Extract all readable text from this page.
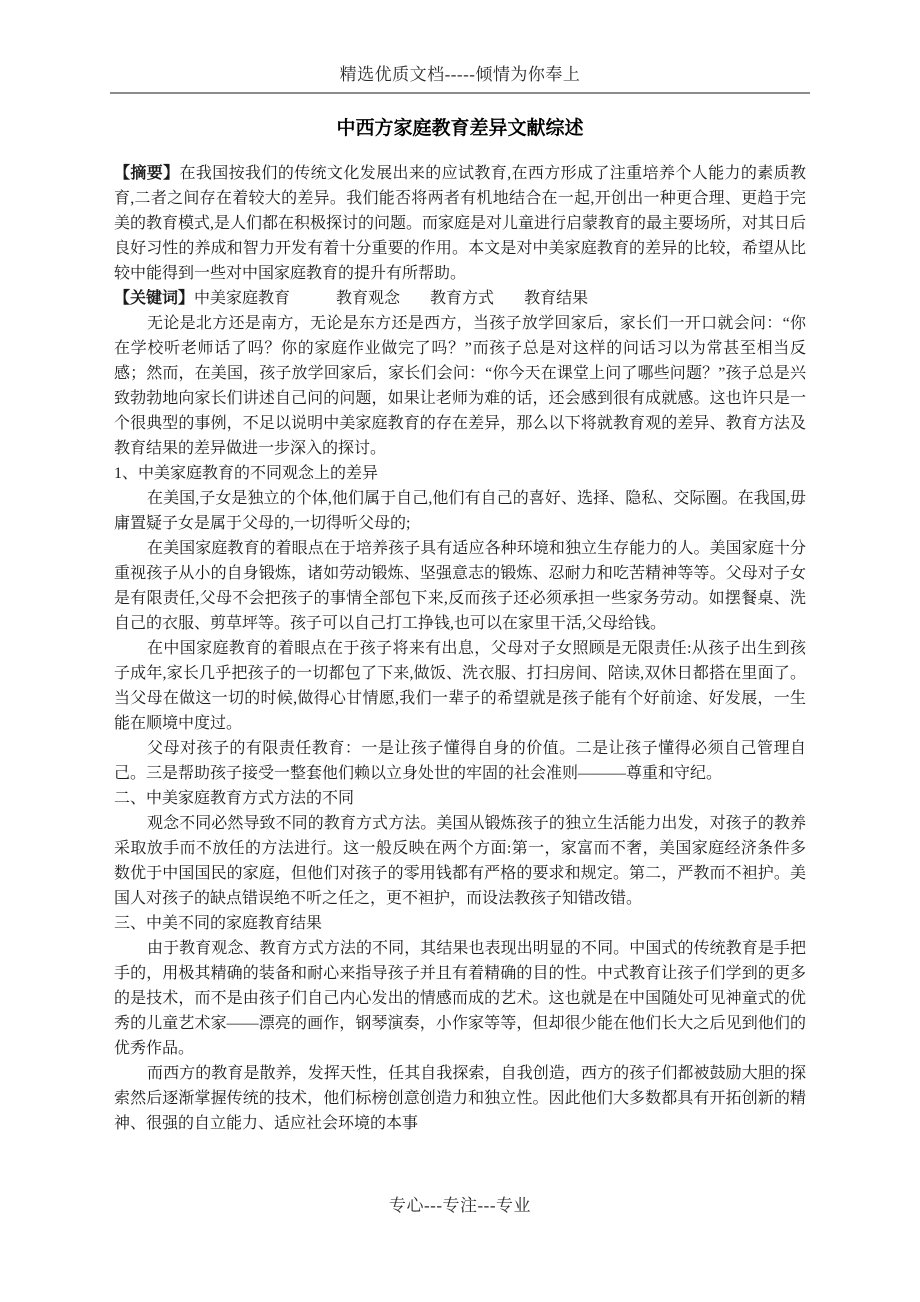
精选优质文档-----倾情为你奉上
中西方家庭教育差异文献综述

【摘要】在我国按我们的传统文化发展出来的应试教育,在西方形成了注重培养个人能力的素质教育,二者之间存在着较大的差异。我们能否将两者有机地结合在一起,开创出一种更合理、更趋于完美的教育模式,是人们都在积极探讨的问题。而家庭是对儿童进行启蒙教育的最主要场所，对其日后良好习性的养成和智力开发有着十分重要的作用。本文是对中美家庭教育的差异的比较，希望从比较中能得到一些对中国家庭教育的提升有所帮助。

【关键词】中美家庭教育	教育观念 教育方式 教育结果

无论是北方还是南方，无论是东方还是西方，当孩子放学回家后，家长们一开口就会问：“你在学校听老师话了吗？你的家庭作业做完了吗？”而孩子总是对这样的问话习以为常甚至相当反感；然而，在美国，孩子放学回家后，家长们会问：“你今天在课堂上问了哪些问题？”孩子总是兴致勃勃地向家长们讲述自己问的问题，如果让老师为难的话，还会感到很有成就感。这也许只是一个很典型的事例，不足以说明中美家庭教育的存在差异，那么以下将就教育观的差异、教育方法及教育结果的差异做进一步深入的探讨。

1、中美家庭教育的不同观念上的差异

在美国,子女是独立的个体,他们属于自己,他们有自己的喜好、选择、隐私、交际圈。在我国,毋庸置疑子女是属于父母的,一切得听父母的;

在美国家庭教育的着眼点在于培养孩子具有适应各种环境和独立生存能力的人。美国家庭十分重视孩子从小的自身锻炼，诸如劳动锻炼、坚强意志的锻炼、忍耐力和吃苦精神等等。父母对子女是有限责任,父母不会把孩子的事情全部包下来,反而孩子还必须承担一些家务劳动。如摆餐桌、洗自己的衣服、剪草坪等。孩子可以自己打工挣钱,也可以在家里干活,父母给钱。

在中国家庭教育的着眼点在于孩子将来有出息，父母对子女照顾是无限责任:从孩子出生到孩子成年,家长几乎把孩子的一切都包了下来,做饭、洗衣服、打扫房间、陪读,双休日都搭在里面了。当父母在做这一切的时候,做得心甘情愿,我们一辈子的希望就是孩子能有个好前途、好发展，一生能在顺境中度过。

父母对孩子的有限责任教育：一是让孩子懂得自身的价值。二是让孩子懂得必须自己管理自己。三是帮助孩子接受一整套他们赖以立身处世的牢固的社会准则———尊重和守纪。

二、中美家庭教育方式方法的不同

观念不同必然导致不同的教育方式方法。美国从锻炼孩子的独立生活能力出发，对孩子的教养采取放手而不放任的方法进行。这一般反映在两个方面:第一，家富而不奢，美国家庭经济条件多数优于中国国民的家庭，但他们对孩子的零用钱都有严格的要求和规定。第二，严教而不袒护。美国人对孩子的缺点错误绝不听之任之，更不袒护，而设法教孩子知错改错。

三、中美不同的家庭教育结果

由于教育观念、教育方式方法的不同，其结果也表现出明显的不同。中国式的传统教育是手把手的，用极其精确的装备和耐心来指导孩子并且有着精确的目的性。中式教育让孩子们学到的更多的是技术，而不是由孩子们自己内心发出的情感而成的艺术。这也就是在中国随处可见神童式的优秀的儿童艺术家——漂亮的画作，钢琴演奏，小作家等等，但却很少能在他们长大之后见到他们的优秀作品。

而西方的教育是散养，发挥天性，任其自我探索，自我创造，西方的孩子们都被鼓励大胆的探索然后逐渐掌握传统的技术，他们标榜创意创造力和独立性。因此他们大多数都具有开拓创新的精神、很强的自立能力、适应社会环境的本事

专心---专注---专业
